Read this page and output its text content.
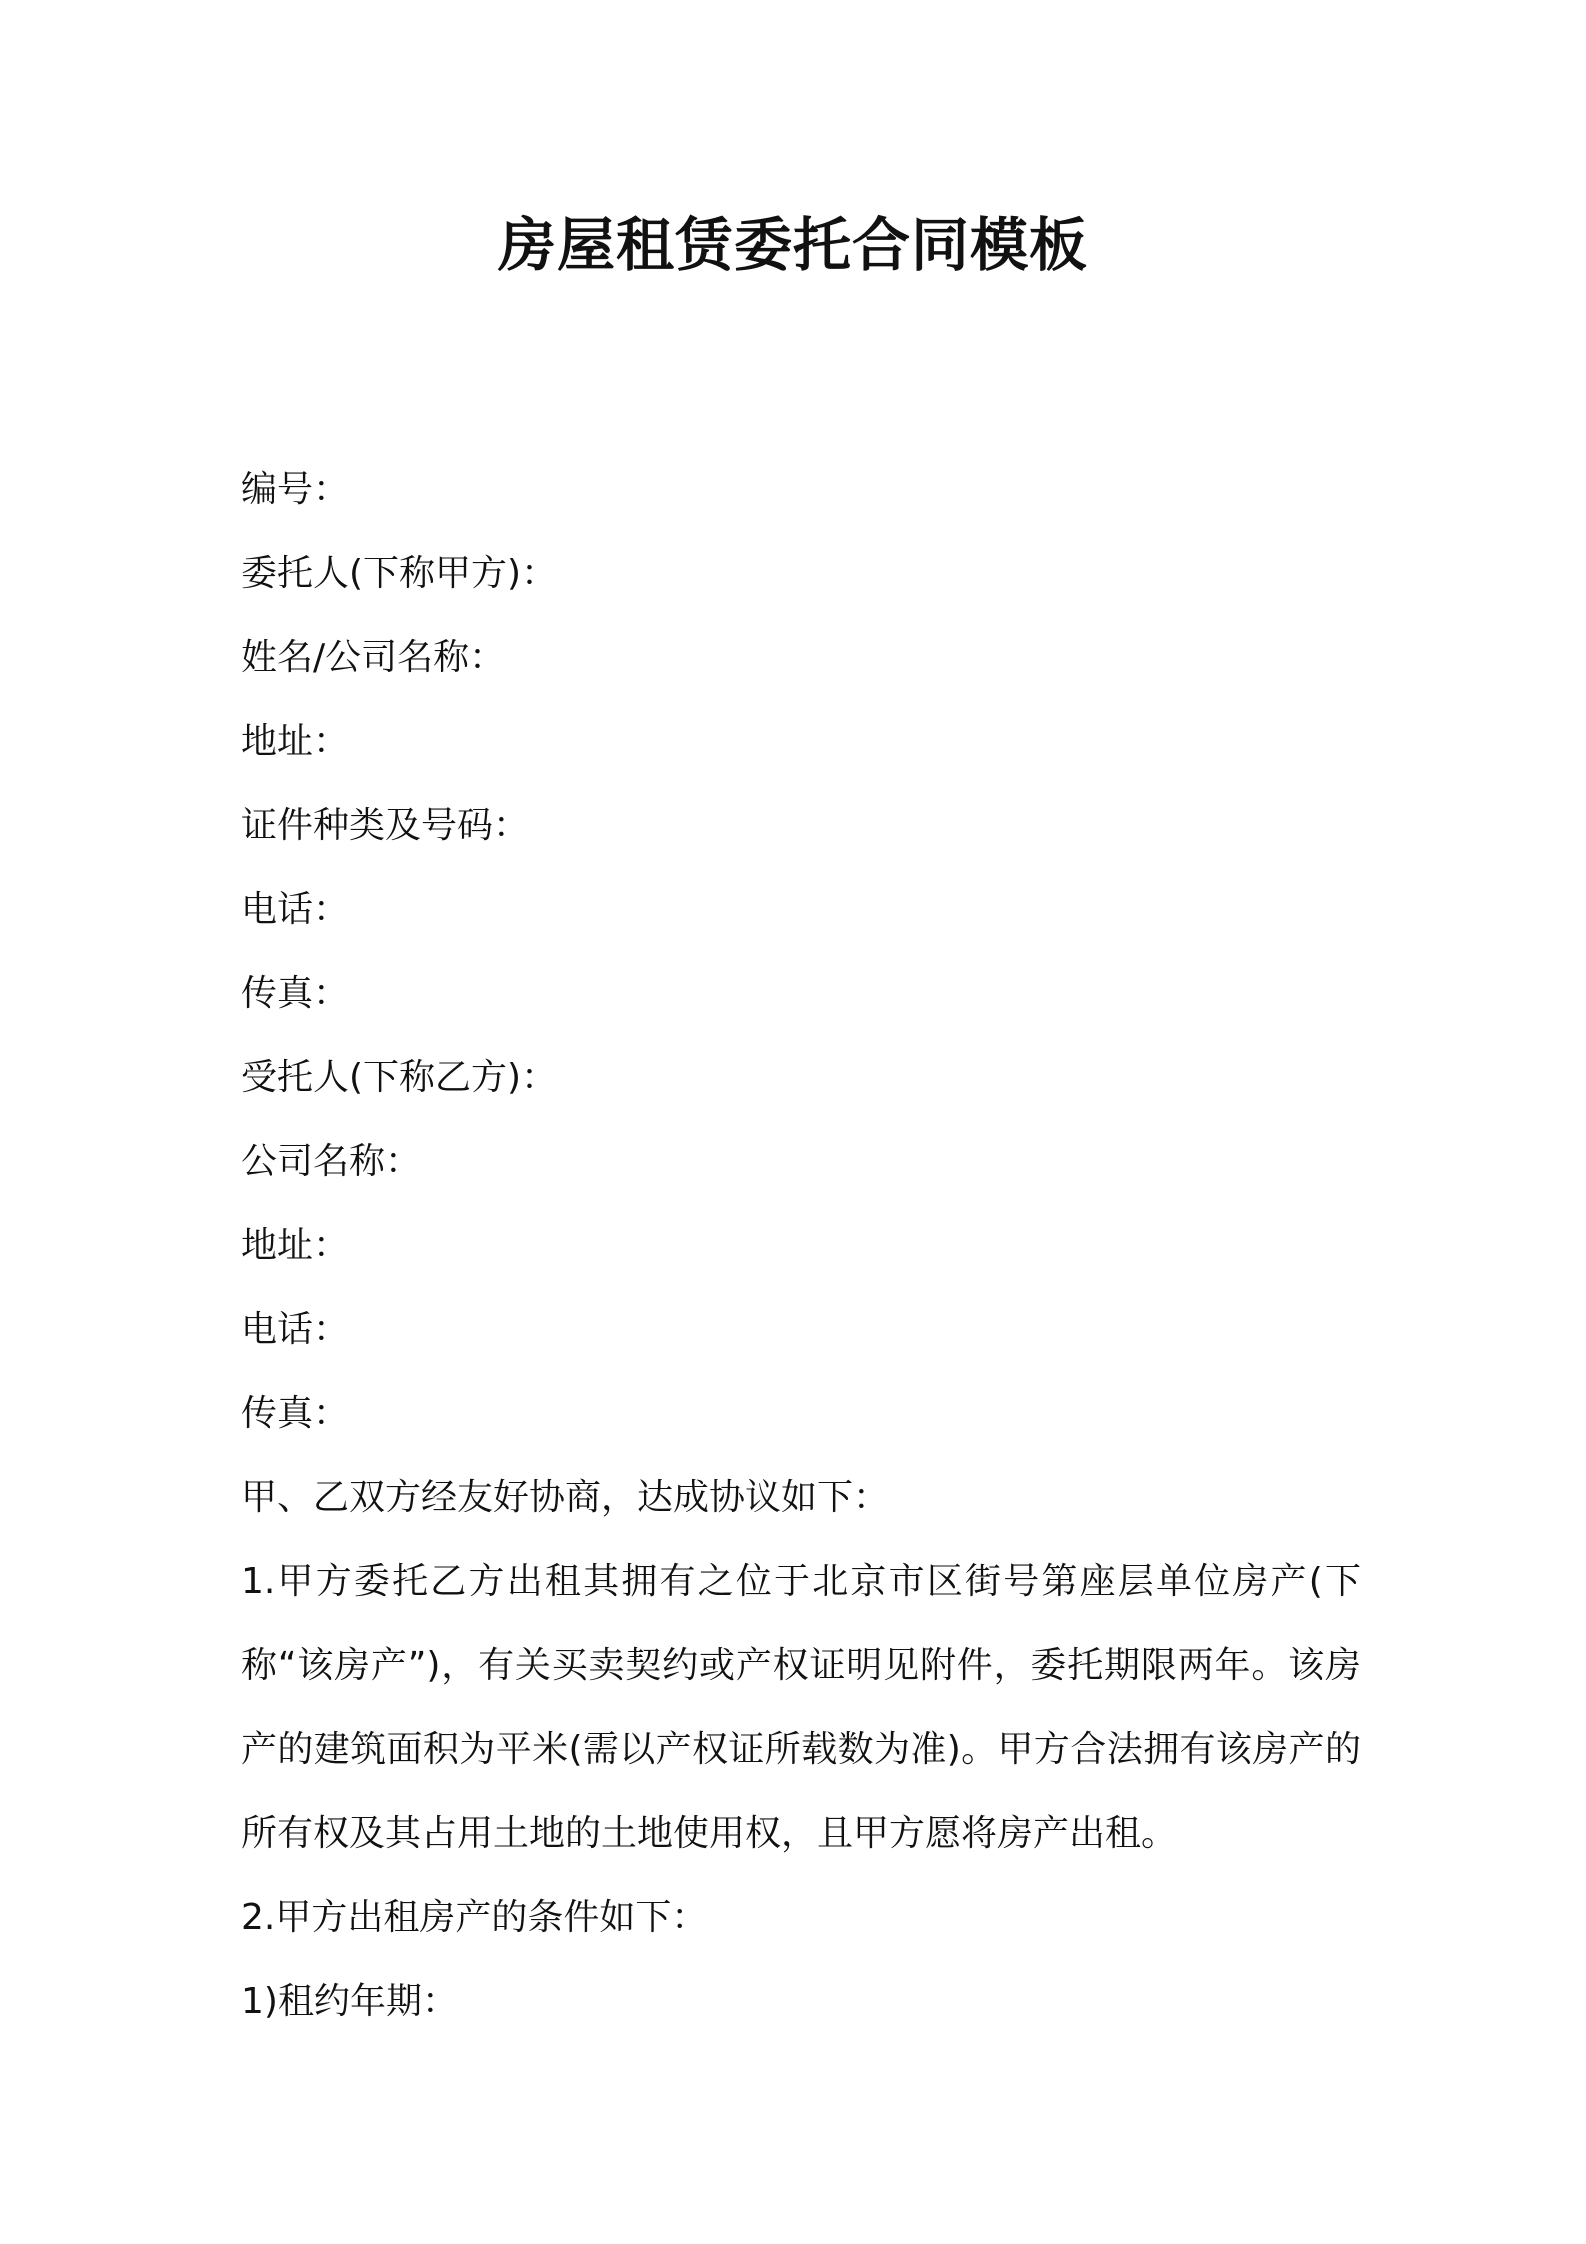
房屋租赁委托合同模板

编号：

委托人(下称甲方)：

姓名/公司名称：

地址：

证件种类及号码：

电话：

传真：

受托人(下称乙方)：

公司名称：

地址：

电话：

传真：

甲、乙双方经友好协商，达成协议如下：

1.甲方委托乙方出租其拥有之位于北京市区街号第座层单位房产(下称“该房产”)，有关买卖契约或产权证明见附件，委托期限两年。该房产的建筑面积为平米(需以产权证所载数为准)。甲方合法拥有该房产的所有权及其占用土地的土地使用权，且甲方愿将房产出租。

2.甲方出租房产的条件如下：

1)租约年期：
